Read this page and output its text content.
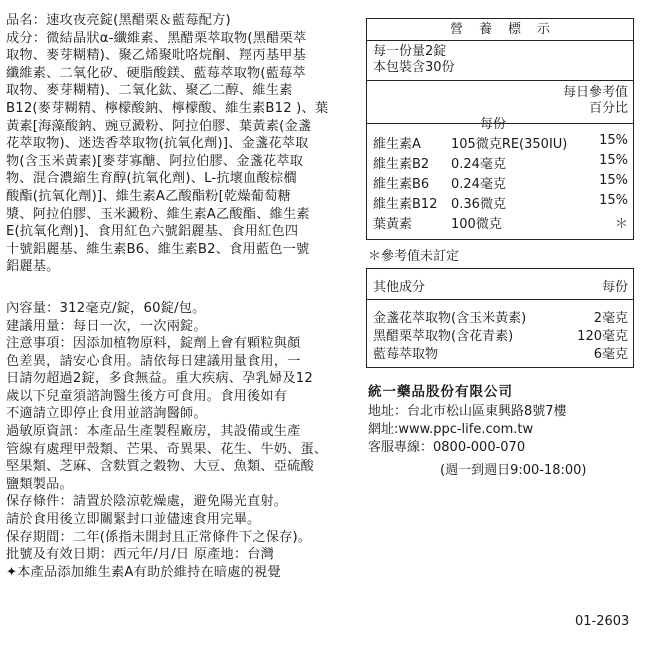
品名：速攻夜亮錠(黑醋栗＆藍莓配方)

成分：微結晶狀α-纖維素、黑醋栗萃取物(黑醋栗萃

取物、麥芽糊精)、聚乙烯聚吡咯烷酮、羥丙基甲基

纖維素、二氧化矽、硬脂酸鎂、藍莓萃取物(藍莓萃

取物、麥芽糊精)、二氧化鈦、聚乙二醇、維生素

B12(麥芽糊精、檸檬酸鈉、檸檬酸、維生素B12 )、葉

黃素[海藻酸鈉、豌豆澱粉、阿拉伯膠、葉黃素(金盞

花萃取物)、迷迭香萃取物(抗氧化劑)]、金盞花萃取

物(含玉米黃素)[麥芽寡醣、阿拉伯膠、金盞花萃取

物、混合濃縮生育醇(抗氧化劑)、L-抗壞血酸棕櫚

酸酯(抗氧化劑)]、維生素A乙酸酯粉[乾燥葡萄糖

漿、阿拉伯膠、玉米澱粉、維生素A乙酸酯、維生素

E(抗氧化劑)]、食用紅色六號鋁麗基、食用紅色四

十號鋁麗基、維生素B6、維生素B2、食用藍色一號

鋁麗基。

內容量：312毫克/錠，60錠/包。

建議用量：每日一次，一次兩錠。

注意事項：因添加植物原料，錠劑上會有顆粒與顏

色差異，請安心食用。請依每日建議用量食用，一

日請勿超過2錠，多食無益。重大疾病、孕乳婦及12

歲以下兒童須諮詢醫生後方可食用。食用後如有

不適請立即停止食用並諮詢醫師。

過敏原資訊：本產品生產製程廠房，其設備或生產

管線有處理甲殼類、芒果、奇異果、花生、牛奶、蛋、

堅果類、芝麻、含麩質之穀物、大豆、魚類、亞硫酸

鹽類製品。

保存條件：請置於陰涼乾燥處，避免陽光直射。

請於食用後立即關緊封口並儘速食用完畢。

保存期間：二年(係指未開封且正常條件下之保存)。

批號及有效日期：西元年/月/日 原產地：台灣

✦本產品添加維生素A有助於維持在暗處的視覺

營養標示
每一份量2錠
本包裝含30份
每份
每日參考值
百分比
維生素A 105微克RE(350IU) 15%
維生素B2 0.24毫克	15%
維生素B6 0.24毫克	15%
維生素B12 0.36微克	15%
葉黃素	100微克	＊
＊參考值未訂定
其他成分	每份
金盞花萃取物(含玉米黃素)	2毫克
黑醋栗萃取物(含花青素)	120毫克
藍莓萃取物	6毫克
統一藥品股份有限公司
地址：台北市松山區東興路8號7樓
網址:www.ppc-life.com.tw
客服專線：0800-000-070
(週一到週日9:00-18:00)
01-2603
